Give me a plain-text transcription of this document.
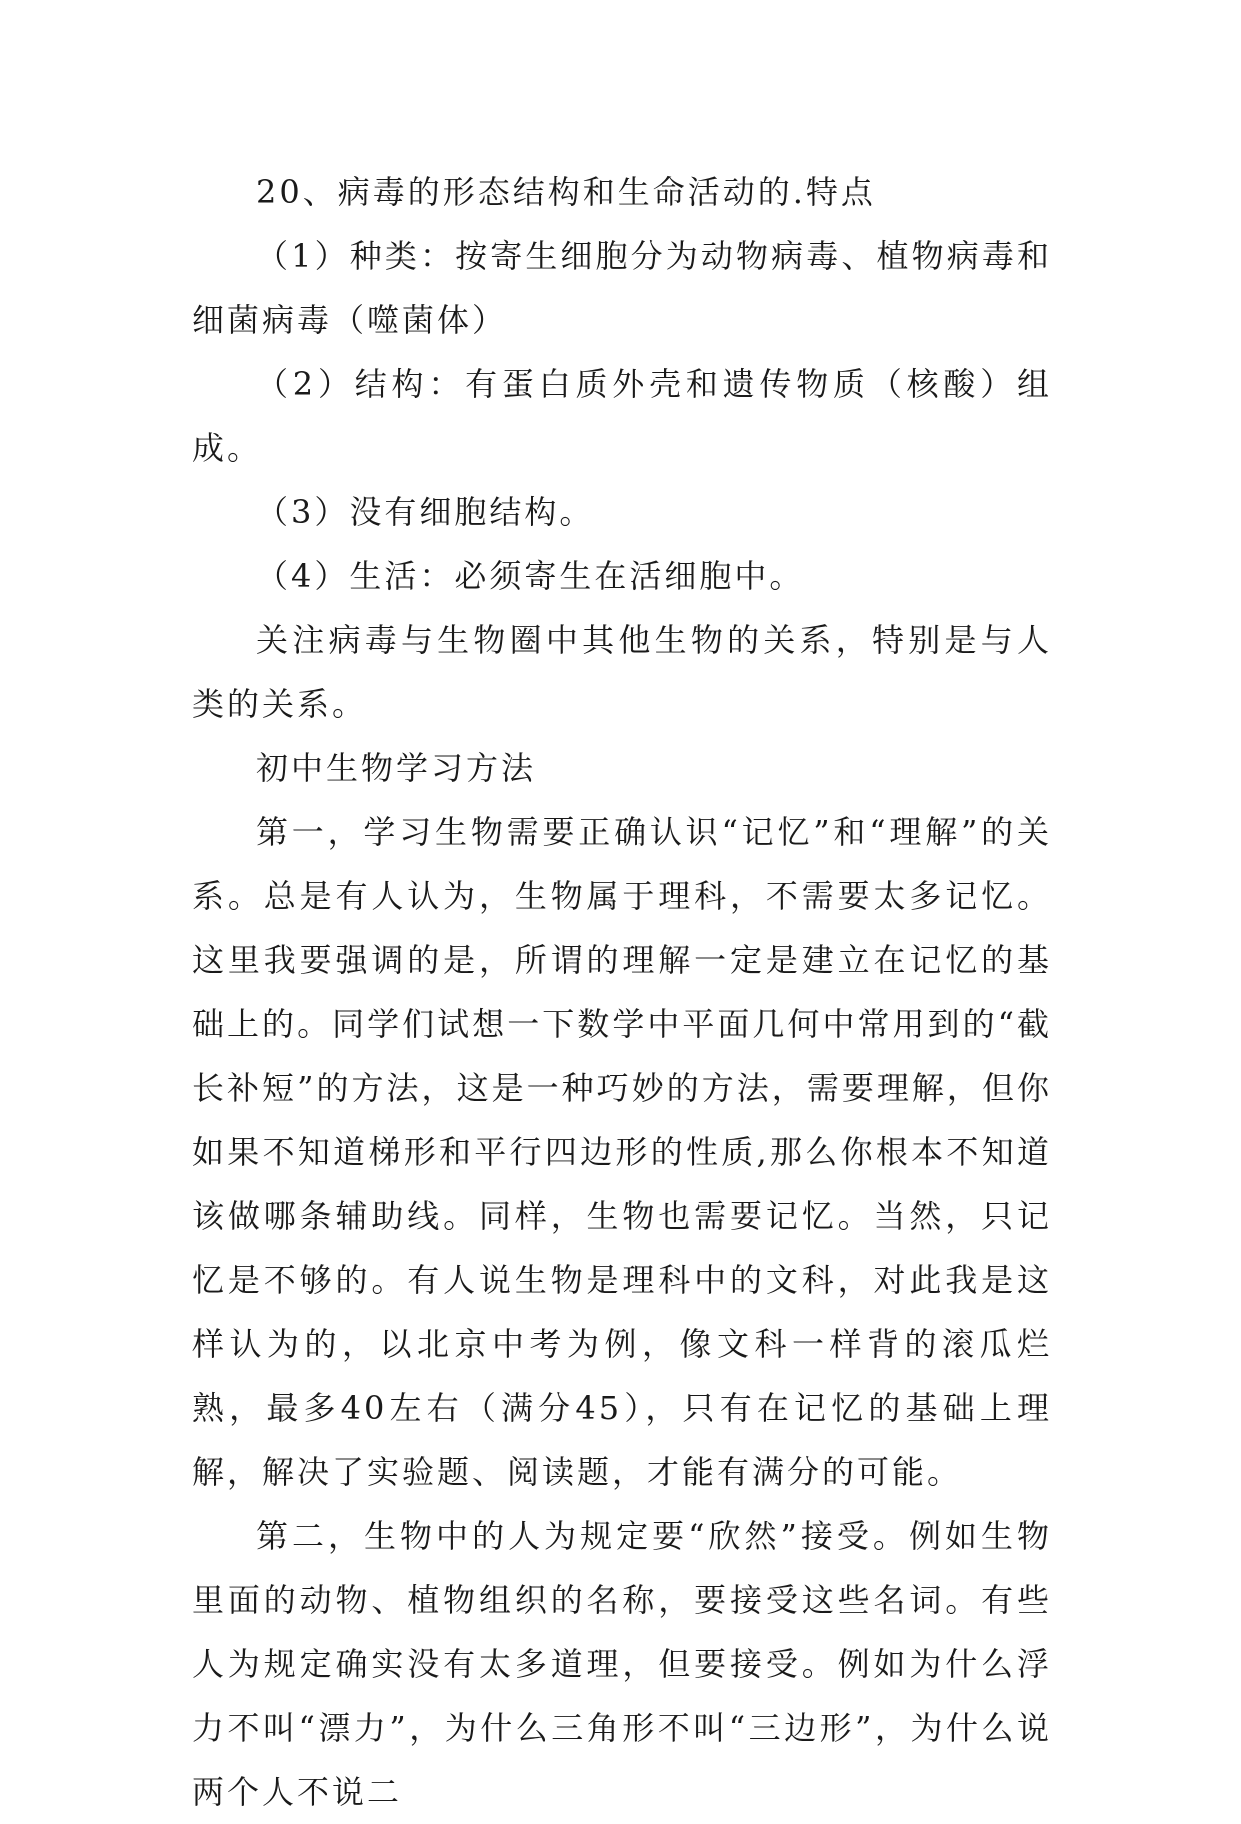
20、病毒的形态结构和生命活动的.特点

（1）种类：按寄生细胞分为动物病毒、植物病毒和细菌病毒（噬菌体）

（2）结构：有蛋白质外壳和遗传物质（核酸）组成。

（3）没有细胞结构。

（4）生活：必须寄生在活细胞中。

关注病毒与生物圈中其他生物的关系，特别是与人类的关系。

初中生物学习方法

第一，学习生物需要正确认识“记忆”和“理解”的关系。总是有人认为，生物属于理科，不需要太多记忆。这里我要强调的是，所谓的理解一定是建立在记忆的基础上的。同学们试想一下数学中平面几何中常用到的“截长补短”的方法，这是一种巧妙的方法，需要理解，但你如果不知道梯形和平行四边形的性质,那么你根本不知道该做哪条辅助线。同样，生物也需要记忆。当然，只记忆是不够的。有人说生物是理科中的文科，对此我是这样认为的，以北京中考为例，像文科一样背的滚瓜烂熟，最多40左右（满分45），只有在记忆的基础上理解，解决了实验题、阅读题，才能有满分的可能。

第二，生物中的人为规定要“欣然”接受。例如生物里面的动物、植物组织的名称，要接受这些名词。有些人为规定确实没有太多道理，但要接受。例如为什么浮力不叫“漂力”，为什么三角形不叫“三边形”，为什么说两个人不说二
